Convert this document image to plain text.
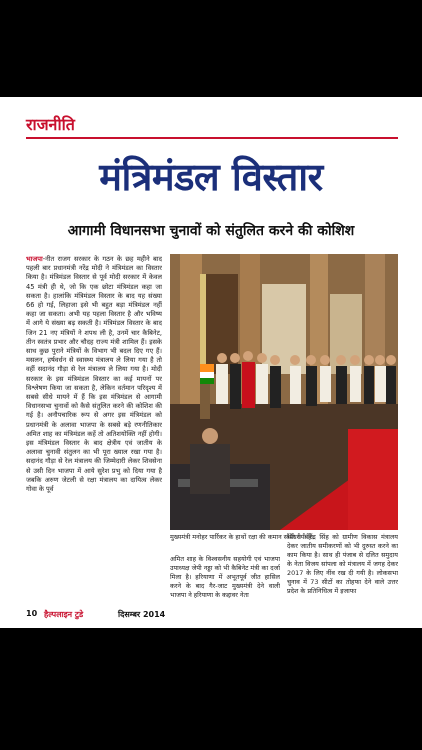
राजनीति
मंत्रिमंडल विस्तार
आगामी विधानसभा चुनावों को संतुलित करने की कोशिश
भाजपा-नीत राजग सरकार के गठन के छह महीने बाद पहली बार प्रधानमंत्री नरेंद्र मोदी ने मंत्रिमंडल का विस्तार किया है। मंत्रिमंडल विस्तार से पूर्व मोदी सरकार में केवल 45 मंत्री ही थे, जो कि एक छोटा मंत्रिमंडल कहा जा सकता है। हालांकि मंत्रिमंडल विस्तार के बाद यह संख्या 66 हो गई, लिहाजा इसे भी बहुत बड़ा मंत्रिमंडल नहीं कहा जा सकता। अभी यह पहला विस्तार है और भविष्य में आगे ये संख्या बढ़ सकती है। मंत्रिमंडल विस्तार के बाद जिन 21 नए मंत्रियों ने शपथ ली है, उनमें चार कैबिनेट, तीन स्वतंत्र प्रभार और चौदह राज्य मंत्री शामिल हैं। इसके साथ कुछ पुराने मंत्रियों के विभाग भी बदल दिए गए हैं। मसलन, हर्षवर्धन से स्वास्थ्य मंत्रालय ले लिया गया है तो वहीं सदानंद गौड़ा से रेल मंत्रालय ले लिया गया है। मोदी सरकार के इस मंत्रिमंडल विस्तार का कई मायनों पर विश्लेषण किया जा सकता है, लेकिन वर्तमान परिदृश्य में सबसे सीधे मायने में हैं कि इस मंत्रिमंडल से आगामी विधानसभा चुनावों को कैसे संतुलित करने की कोशिश की गई है। अनौपचारिक रूप से अगर इस मंत्रिमंडल को प्रधानमंत्री के अलावा भाजपा के सबसे बड़े रणनीतिकार अमित शाह का मंत्रिमंडल कहें तो अतिशयोक्ति नहीं होगी। इस मंत्रिमंडल विस्तार के बाद क्षेत्रीय एवं जातीय के अलावा चुनावी संतुलन का भी पूरा ख्याल रखा गया है। सदानंद गौड़ा से रेल मंत्रालय की जिम्मेदारी लेकर शिवसेना से उसी दिन भाजपा में आये सुरेश प्रभु को दिया गया है जबकि अरुण जेटली से रक्षा मंत्रालय का दायित्व लेकर गोवा के पूर्व
मुख्यमंत्री मनोहर पार्रिकर के हाथों रक्षा की कमान सौंपी गयी है।
अमित शाह के विश्वसनीय सहयोगी एवं भाजपा उपाध्यक्ष जेपी नड्डा को भी कैबिनेट मंत्री का दर्जा मिला है। हरियाणा में अभूतपूर्व जीत हासिल करने के बाद गैर-जाट मुख्यमंत्री देने वाली भाजपा ने हरियाणा के कद्दावर नेता
चौधरी बीरेंद्र सिंह को ग्रामीण विकास मंत्रालय देकर जातीय समीकरणों को भी दुरुस्त करने का काम किया है। साथ ही पंजाब से दलित समुदाय के नेता विजय सांपला को मंत्रालय में जगह देकर 2017 के लिए नींव रख दी गयी है। लोकसभा चुनाव में 73 सीटों का तोहफा देने वाले उत्तर प्रदेश के प्रतिनिधित्व में इजाफा
10 हैल्पलाइन टुडे	दिसम्बर 2014
